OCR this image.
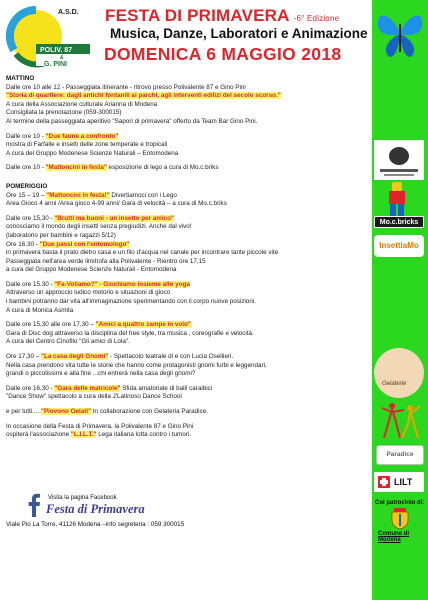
POLIV. 87
&
G. PINI
A.S.D. FESTA DI PRIMAVERA -6° Edizione
Musica, Danze, Laboratori e Animazione
DOMENICA 6 MAGGIO 2018
MATTINO
Dalle ore 10 alle 12 - Passeggiata itinerante - ritrovo presso Polivalente 87 e Gino Pini
"Storia di quartiere: dagli antichi fontanili ai parchi, agli interventi edilizi del secolo scorso."
A cura della Associazione culturale Arianna di Modena
Consigliata la prenotazione (059-300015)
Al termine della passeggiata aperitivo "Sapori di primavera" offerto da Team Bar Gino Pini.
Dalle ore 10 - "Due faune a confronto"
mostra di Farfalle e insetti delle zone temperate e tropicali
A cura del Gruppo Modenese Scienze Naturali – Entomodena
Dalle ore 10 - "Mattoncini in festa" esposizione di lego a cura di Mo.c.briks
POMERIGGIO
Ore 15 – 19 – "Mattoncini in festa!" Divertiamoci con i Lego
Area Gioco 4 anni /Area gioco 4-99 anni/ Gara di velocità – a cura di Mo.c.briks
Dalle ore 15,30 - "Brutti ma buoni - un insetto per amico"
conosciamo il mondo degli insetti senza pregiudizi. Anche dal vivo!
(laboratorio per bambini e ragazzi 5/12)
Ore 16.30 - "Due passi con l'entomologo"
in primavera basta il prato dietro casa e un filo d'acqua nel canale per incontrare tante piccole vite
Passeggiata nell'area verde limitrofa alla Polivalente - Rientro ore 17,15
a cura del Gruppo Modenese Scienze Naturali - Entomodena
Dalle ore 15.30 - "Fa-Voliamo?" - Giochiamo insieme allo yoga
Attraverso un approccio ludico motorio e situazioni di gioco
i bambini potranno dar vita all'immaginazione sperimentando con il corpo nuove posizioni.
A cura di Monica Asmita
Dalle ore 15,30 alle ore 17,30 – "Amici a quattro zampe in volo"
Gara di Disc dog attraverso la disciplina del free style, tra musica , coreografie e velocità.
A cura del Centro Cinofilo "Gli amici di Lola".
Ore 17,30 – "La casa degli Gnomi" - Spettacolo teatrale di e con Lucia Osellieri.
Nella casa prendono vita tutte le storie che hanno come protagonisti gnomi furbi e leggendari,
grandi o piccolissimi e alla fine ...chi entrerà nella casa degli gnomi?
Dalle ore 16,30 - "Gara delle matricole" Sfida amatoriale di balli caraibici
"Dance Show" spettacolo a cura della J'Latinoso Dance School
e per tutti....."Piovono Gelati" In collaborazione con Gelateria Paradice.
In occasione della Festa di Primavera, la Polivalente 87 e Gino Pini
ospiterà l'associazione "L.I.L.T." Lega italiana lotta contro i tumori.
Visita la pagina Facebook
Festa di Primavera
Viale Pio La Torre, 41126 Modena –info segreteria : 059 300015
Mo.c.bricks
InsettiaMo
Gelaterie
Paradice
LILT
Col patrocinio di:
Comune di Modena
